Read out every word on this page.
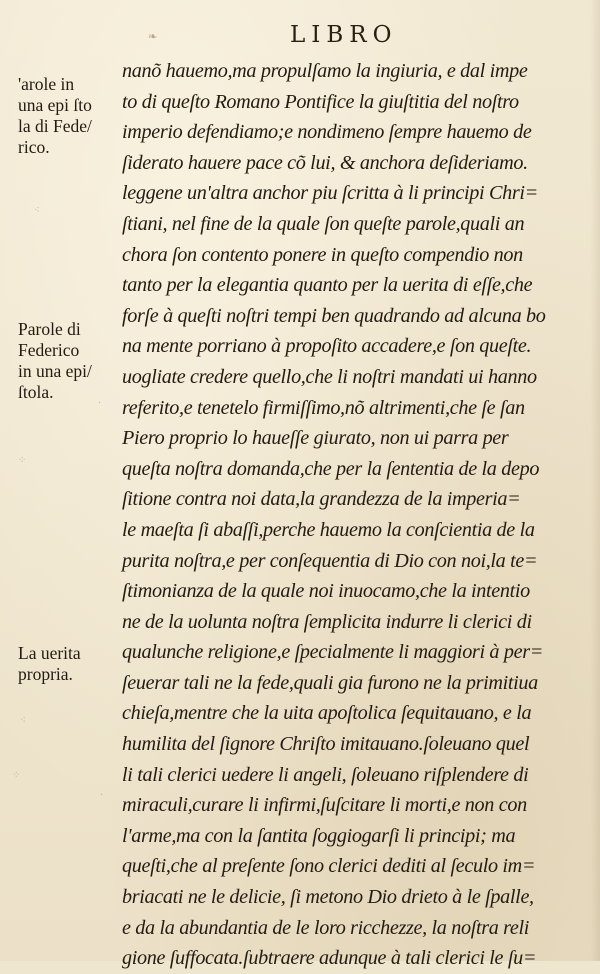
❧	LIBRO
'arole in
una epi ſto
la di Fede/
rico.
Parole di
Federico
in una epi/
ſtola.
La uerita
propria.
⁖
⁘
·
⁖
⁘
·
nanõ hauemo,ma propulſamo la ingiuria, e dal impe
to di queſto Romano Pontifice la giuſtitia del noſtro
imperio defendiamo;e nondimeno ſempre hauemo de
ſiderato hauere pace cõ lui, & anchora deſideriamo.
leggene un'altra anchor piu ſcritta à li principi Chri=
ſtiani, nel fine de la quale ſon queſte parole,quali an
chora ſon contento ponere in queſto compendio non
tanto per la elegantia quanto per la uerita di eſſe,che
forſe à queſti noſtri tempi ben quadrando ad alcuna bo
na mente porriano à propoſito accadere,e ſon queſte.
uogliate credere quello,che li noſtri mandati ui hanno
referito,e tenetelo firmiſſimo,nõ altrimenti,che ſe ſan
Piero proprio lo haueſſe giurato, non ui parra per
queſta noſtra domanda,che per la ſententia de la depo
ſitione contra noi data,la grandezza de la imperia=
le maeſta ſi abaſſi,perche hauemo la conſcientia de la
purita noſtra,e per conſequentia di Dio con noi,la te=
ſtimonianza de la quale noi inuocamo,che la intentio
ne de la uolunta noſtra ſemplicita indurre li clerici di
qualunche religione,e ſpecialmente li maggiori à per=
ſeuerar tali ne la fede,quali gia furono ne la primitiua
chieſa,mentre che la uita apoſtolica ſequitauano, e la
humilita del ſignore Chriſto imitauano.ſoleuano quel
li tali clerici uedere li angeli, ſoleuano riſplendere di
miraculi,curare li infirmi,ſuſcitare li morti,e non con
l'arme,ma con la ſantita ſoggiogarſi li principi; ma
queſti,che al preſente ſono clerici dediti al ſeculo im=
briacati ne le delicie, ſi metono Dio drieto à le ſpalle,
e da la abundantia de le loro ricchezze, la noſtra reli
gione ſuffocata.ſubtraere adunque à tali clerici le ſu=
